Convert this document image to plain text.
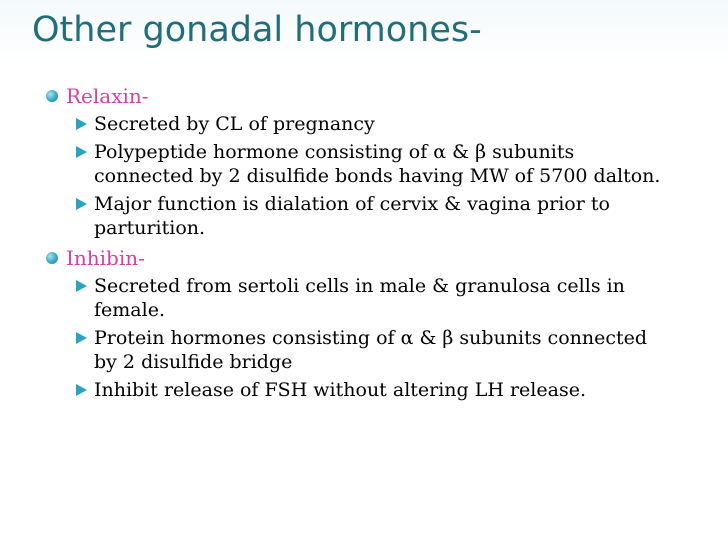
Other gonadal hormones-
Relaxin-
Secreted by CL of pregnancy
Polypeptide hormone consisting of α & β subunits connected by 2 disulfide bonds having MW of 5700 dalton.
Major function is dialation of cervix & vagina prior to parturition.
Inhibin-
Secreted from sertoli cells in male & granulosa cells in female.
Protein hormones consisting of α & β subunits connected by 2 disulfide bridge
Inhibit release of FSH without altering LH release.
